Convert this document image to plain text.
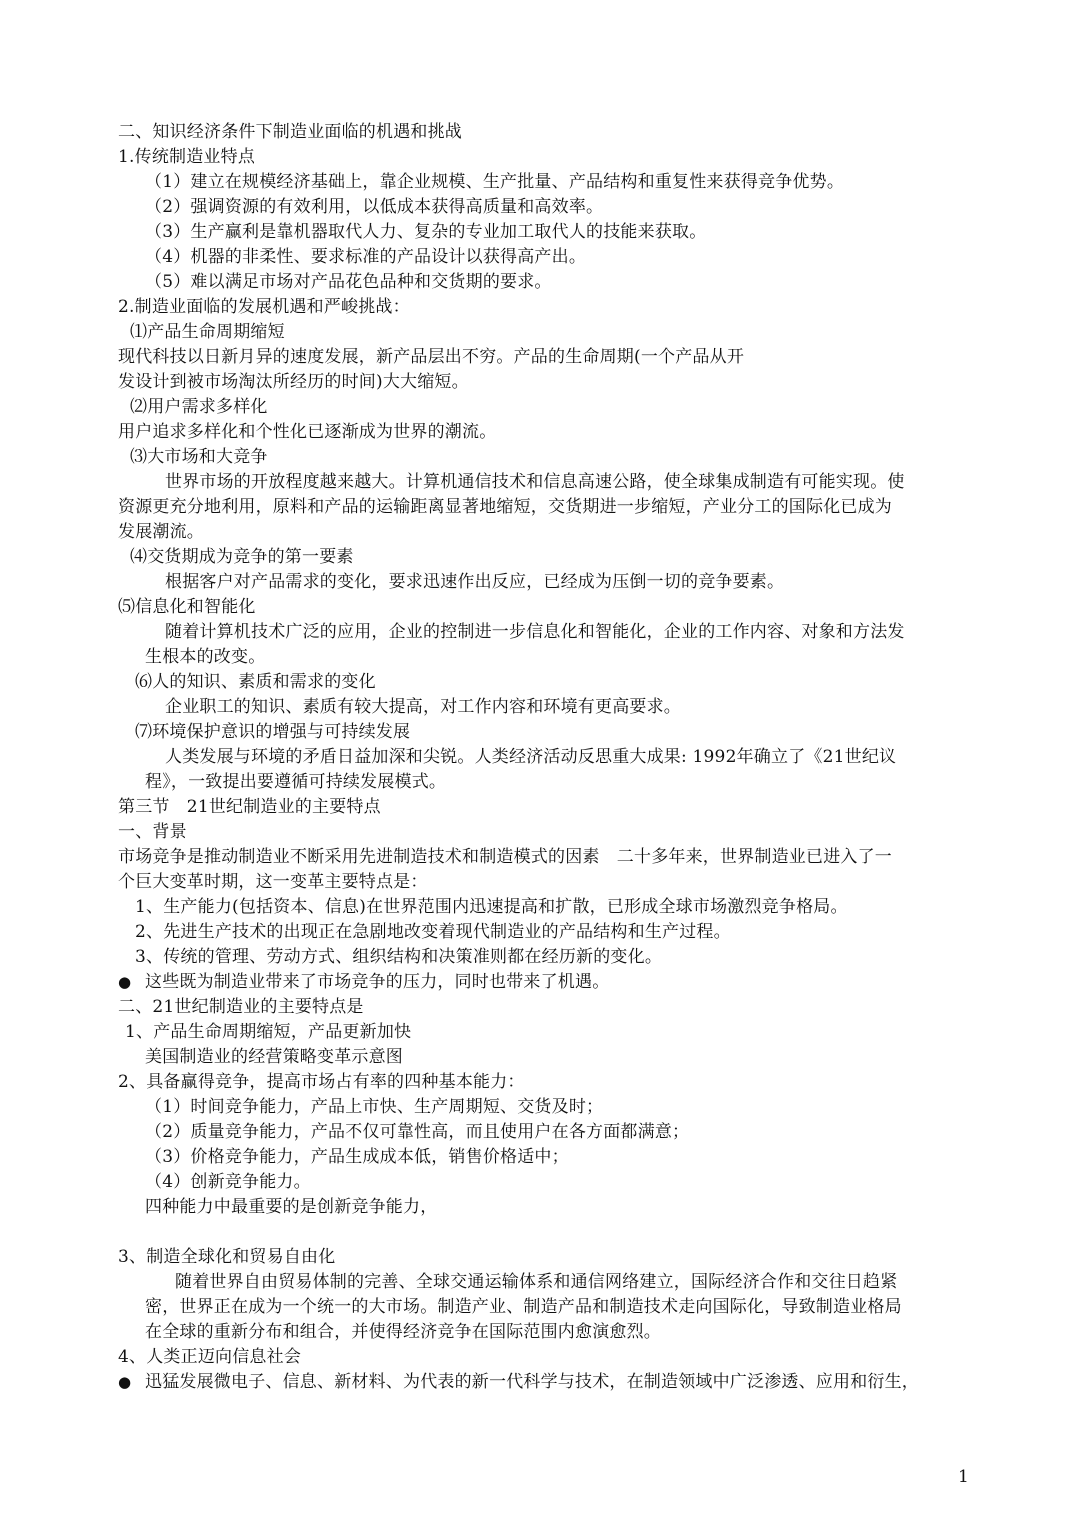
二、知识经济条件下制造业面临的机遇和挑战
1.传统制造业特点
（1）建立在规模经济基础上，靠企业规模、生产批量、产品结构和重复性来获得竞争优势。
（2）强调资源的有效利用，以低成本获得高质量和高效率。
（3）生产赢利是靠机器取代人力、复杂的专业加工取代人的技能来获取。
（4）机器的非柔性、要求标准的产品设计以获得高产出。
（5）难以满足市场对产品花色品种和交货期的要求。
2.制造业面临的发展机遇和严峻挑战：
⑴产品生命周期缩短
现代科技以日新月异的速度发展，新产品层出不穷。产品的生命周期(一个产品从开
发设计到被市场淘汰所经历的时间)大大缩短。
⑵用户需求多样化
用户追求多样化和个性化已逐渐成为世界的潮流。
⑶大市场和大竞争
世界市场的开放程度越来越大。计算机通信技术和信息高速公路，使全球集成制造有可能实现。使
资源更充分地利用，原料和产品的运输距离显著地缩短，交货期进一步缩短，产业分工的国际化已成为
发展潮流。
⑷交货期成为竞争的第一要素
根据客户对产品需求的变化，要求迅速作出反应，已经成为压倒一切的竞争要素。
⑸信息化和智能化
随着计算机技术广泛的应用，企业的控制进一步信息化和智能化，企业的工作内容、对象和方法发
生根本的改变。
⑹人的知识、素质和需求的变化
企业职工的知识、素质有较大提高，对工作内容和环境有更高要求。
⑺环境保护意识的增强与可持续发展
人类发展与环境的矛盾日益加深和尖锐。人类经济活动反思重大成果: 1992年确立了《21世纪议
程》，一致提出要遵循可持续发展模式。
第三节　21世纪制造业的主要特点
一、背景
市场竞争是推动制造业不断采用先进制造技术和制造模式的因素　二十多年来，世界制造业已进入了一
个巨大变革时期，这一变革主要特点是：
1、生产能力(包括资本、信息)在世界范围内迅速提高和扩散，已形成全球市场激烈竞争格局。
2、先进生产技术的出现正在急剧地改变着现代制造业的产品结构和生产过程。
3、传统的管理、劳动方式、组织结构和决策准则都在经历新的变化。
● 这些既为制造业带来了市场竞争的压力，同时也带来了机遇。
二、21世纪制造业的主要特点是
1、产品生命周期缩短，产品更新加快
美国制造业的经营策略变革示意图
2、具备赢得竞争，提高市场占有率的四种基本能力：
（1）时间竞争能力，产品上市快、生产周期短、交货及时；
（2）质量竞争能力，产品不仅可靠性高，而且使用户在各方面都满意；
（3）价格竞争能力，产品生成成本低，销售价格适中；
（4）创新竞争能力。
四种能力中最重要的是创新竞争能力，
3、制造全球化和贸易自由化
随着世界自由贸易体制的完善、全球交通运输体系和通信网络建立，国际经济合作和交往日趋紧
密，世界正在成为一个统一的大市场。制造产业、制造产品和制造技术走向国际化，导致制造业格局
在全球的重新分布和组合，并使得经济竞争在国际范围内愈演愈烈。
4、人类正迈向信息社会
● 迅猛发展微电子、信息、新材料、为代表的新一代科学与技术，在制造领域中广泛渗透、应用和衍生，
1
